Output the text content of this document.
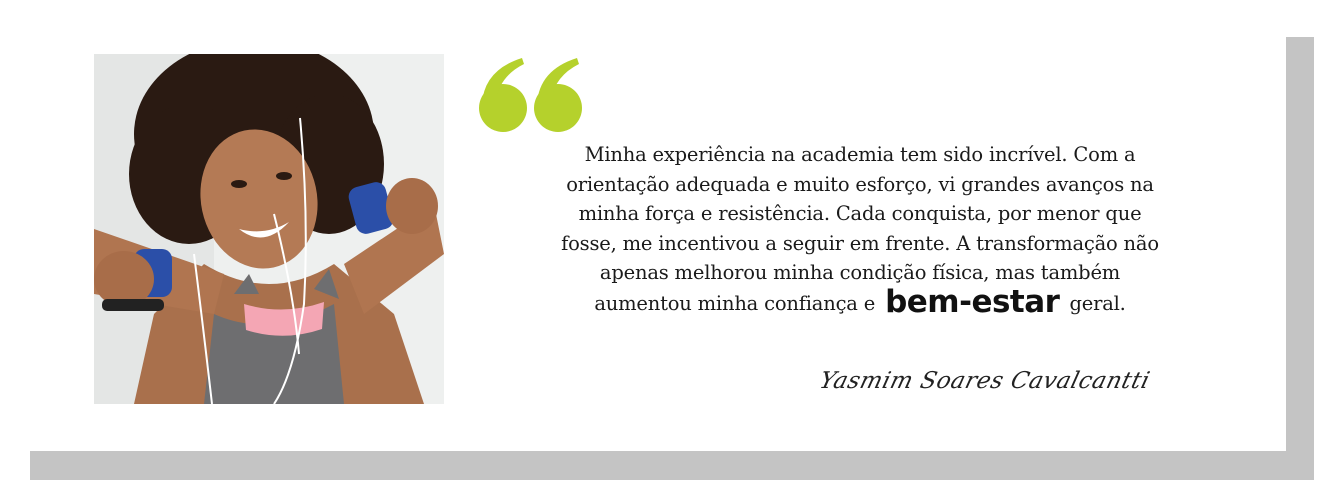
Minha experiência na academia tem sido incrível. Com a orientação adequada e muito esforço, vi grandes avanços na minha força e resistência. Cada conquista, por menor que fosse, me incentivou a seguir em frente. A transformação não apenas melhorou minha condição física, mas também aumentou minha confiança e bem-estar geral.
Yasmim Soares Cavalcantti
